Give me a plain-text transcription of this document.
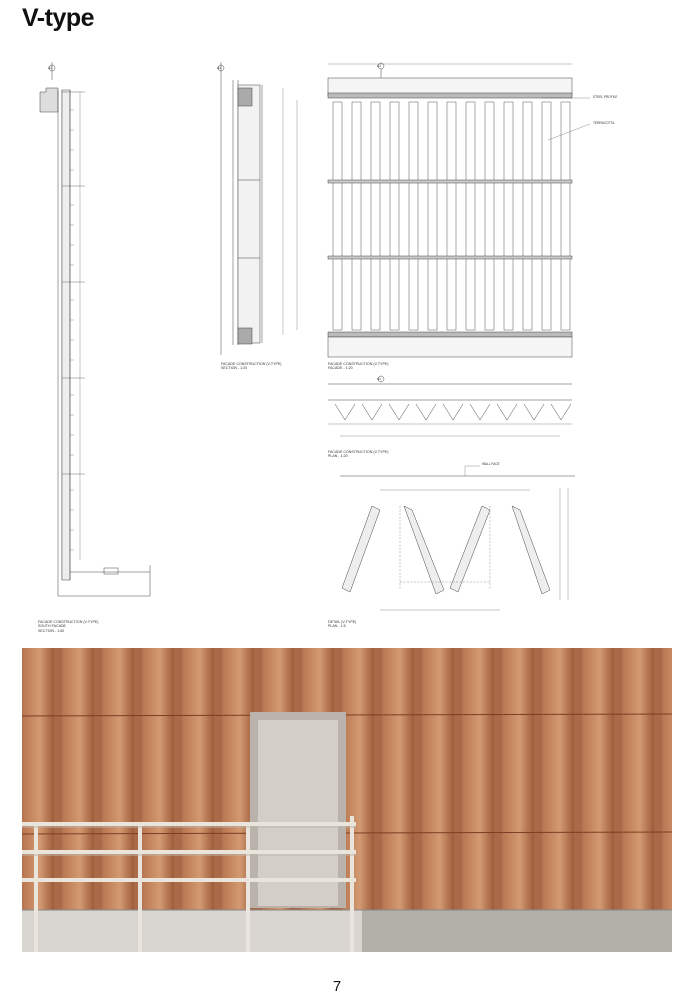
V-type
A1	A1	A1
A1
STEEL PROFILE
TERRACOTTA
WALL FACE
FACADE CONSTRUCTION (V-TYPE)
SOUTH FACADE
SECTION - 1:50
FACADE CONSTRUCTION (V-TYPE)
SECTION - 1:20
FACADE CONSTRUCTION (V-TYPE)
FACADE - 1:20
FACADE CONSTRUCTION (V-TYPE)
PLAN - 1:20
DETAIL (V-TYPE)
PLAN - 1:5
7
